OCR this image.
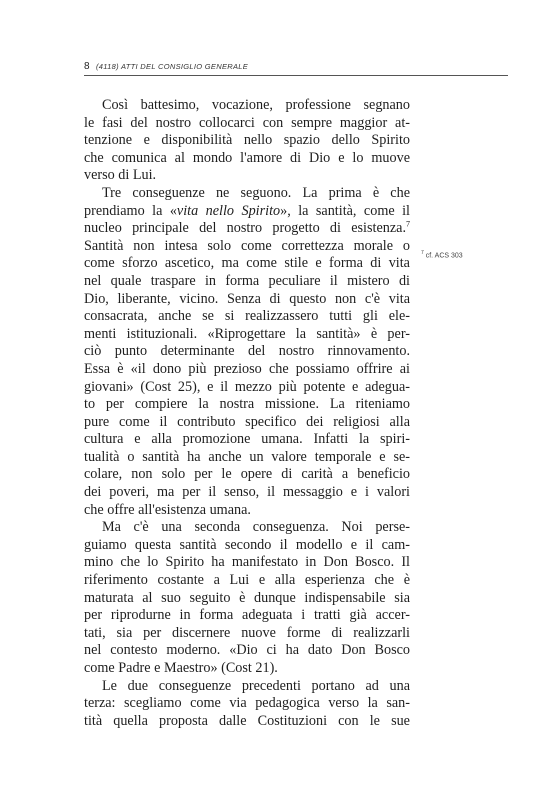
8 (4118) ATTI DEL CONSIGLIO GENERALE
Così battesimo, vocazione, professione segnano
le fasi del nostro collocarci con sempre maggior at-
tenzione e disponibilità nello spazio dello Spirito
che comunica al mondo l'amore di Dio e lo muove
verso di Lui.
Tre conseguenze ne seguono. La prima è che
prendiamo la «vita nello Spirito», la santità, come il
nucleo principale del nostro progetto di esistenza.$^7$
Santità non intesa solo come correttezza morale o
come sforzo ascetico, ma come stile e forma di vita
nel quale traspare in forma peculiare il mistero di
Dio, liberante, vicino. Senza di questo non c'è vita
consacrata, anche se si realizzassero tutti gli ele-
menti istituzionali. «Riprogettare la santità» è per-
ciò punto determinante del nostro rinnovamento.
Essa è «il dono più prezioso che possiamo offrire ai
giovani» (Cost 25), e il mezzo più potente e adegua-
to per compiere la nostra missione. La riteniamo
pure come il contributo specifico dei religiosi alla
cultura e alla promozione umana. Infatti la spiri-
tualità o santità ha anche un valore temporale e se-
colare, non solo per le opere di carità a beneficio
dei poveri, ma per il senso, il messaggio e i valori
che offre all'esistenza umana.
Ma c'è una seconda conseguenza. Noi perse-
guiamo questa santità secondo il modello e il cam-
mino che lo Spirito ha manifestato in Don Bosco. Il
riferimento costante a Lui e alla esperienza che è
maturata al suo seguito è dunque indispensabile sia
per riprodurne in forma adeguata i tratti già accer-
tati, sia per discernere nuove forme di realizzarli
nel contesto moderno. «Dio ci ha dato Don Bosco
come Padre e Maestro» (Cost 21).
Le due conseguenze precedenti portano ad una
terza: scegliamo come via pedagogica verso la san-
tità quella proposta dalle Costituzioni con le sue
$^7$ cf. ACS 303
